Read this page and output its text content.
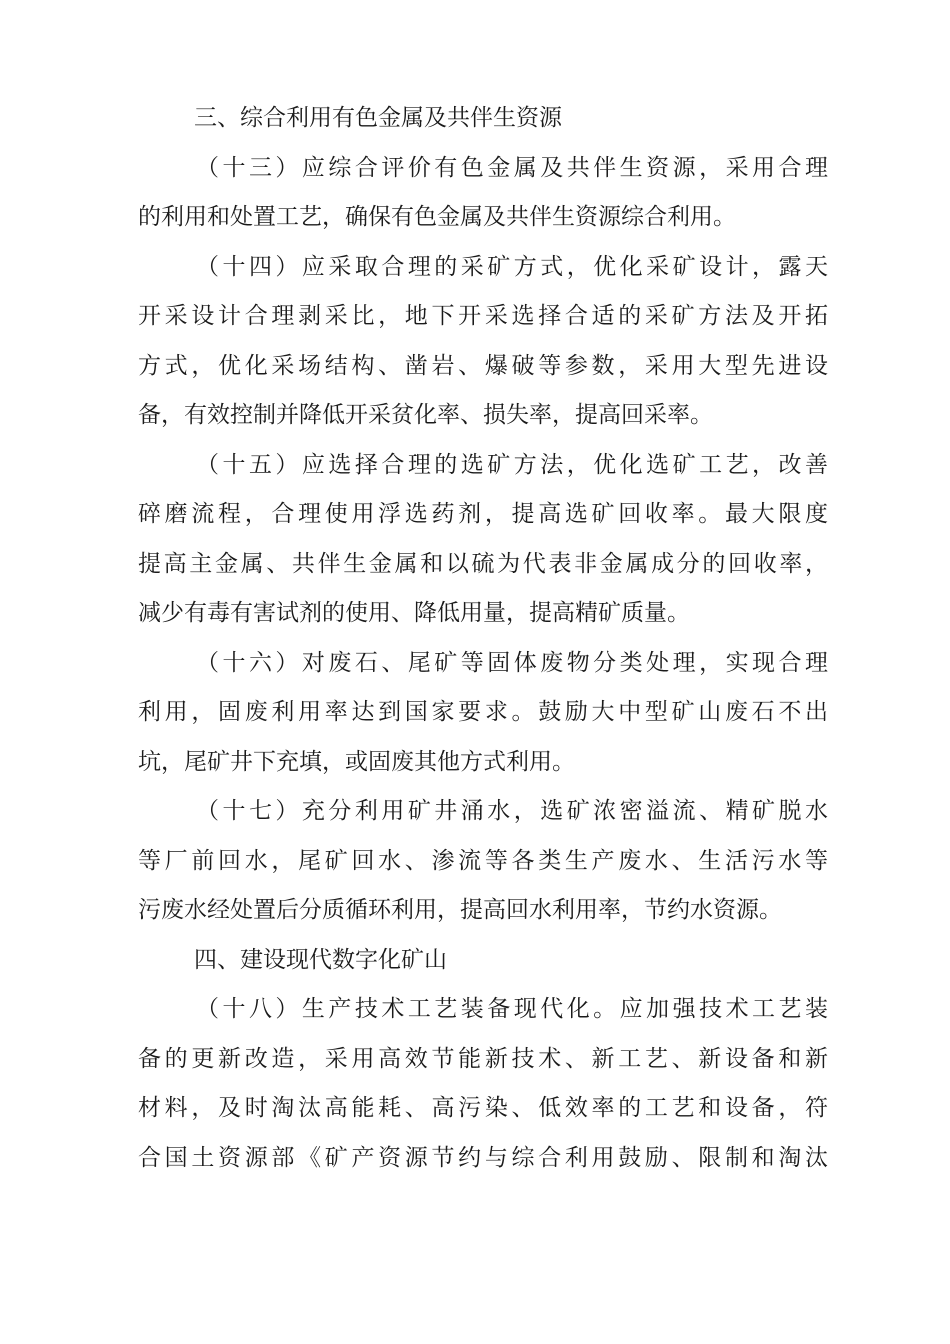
三、综合利用有色金属及共伴生资源
（十三）应综合评价有色金属及共伴生资源，采用合理
的利用和处置工艺，确保有色金属及共伴生资源综合利用。
（十四）应采取合理的采矿方式，优化采矿设计，露天
开采设计合理剥采比，地下开采选择合适的采矿方法及开拓
方式，优化采场结构、凿岩、爆破等参数，采用大型先进设
备，有效控制并降低开采贫化率、损失率，提高回采率。
（十五）应选择合理的选矿方法，优化选矿工艺，改善
碎磨流程，合理使用浮选药剂，提高选矿回收率。最大限度
提高主金属、共伴生金属和以硫为代表非金属成分的回收率，
减少有毒有害试剂的使用、降低用量，提高精矿质量。
（十六）对废石、尾矿等固体废物分类处理，实现合理
利用，固废利用率达到国家要求。鼓励大中型矿山废石不出
坑，尾矿井下充填，或固废其他方式利用。
（十七）充分利用矿井涌水，选矿浓密溢流、精矿脱水
等厂前回水，尾矿回水、渗流等各类生产废水、生活污水等
污废水经处置后分质循环利用，提高回水利用率，节约水资源。
四、建设现代数字化矿山
（十八）生产技术工艺装备现代化。应加强技术工艺装
备的更新改造，采用高效节能新技术、新工艺、新设备和新
材料，及时淘汰高能耗、高污染、低效率的工艺和设备，符
合国土资源部《矿产资源节约与综合利用鼓励、限制和淘汰
